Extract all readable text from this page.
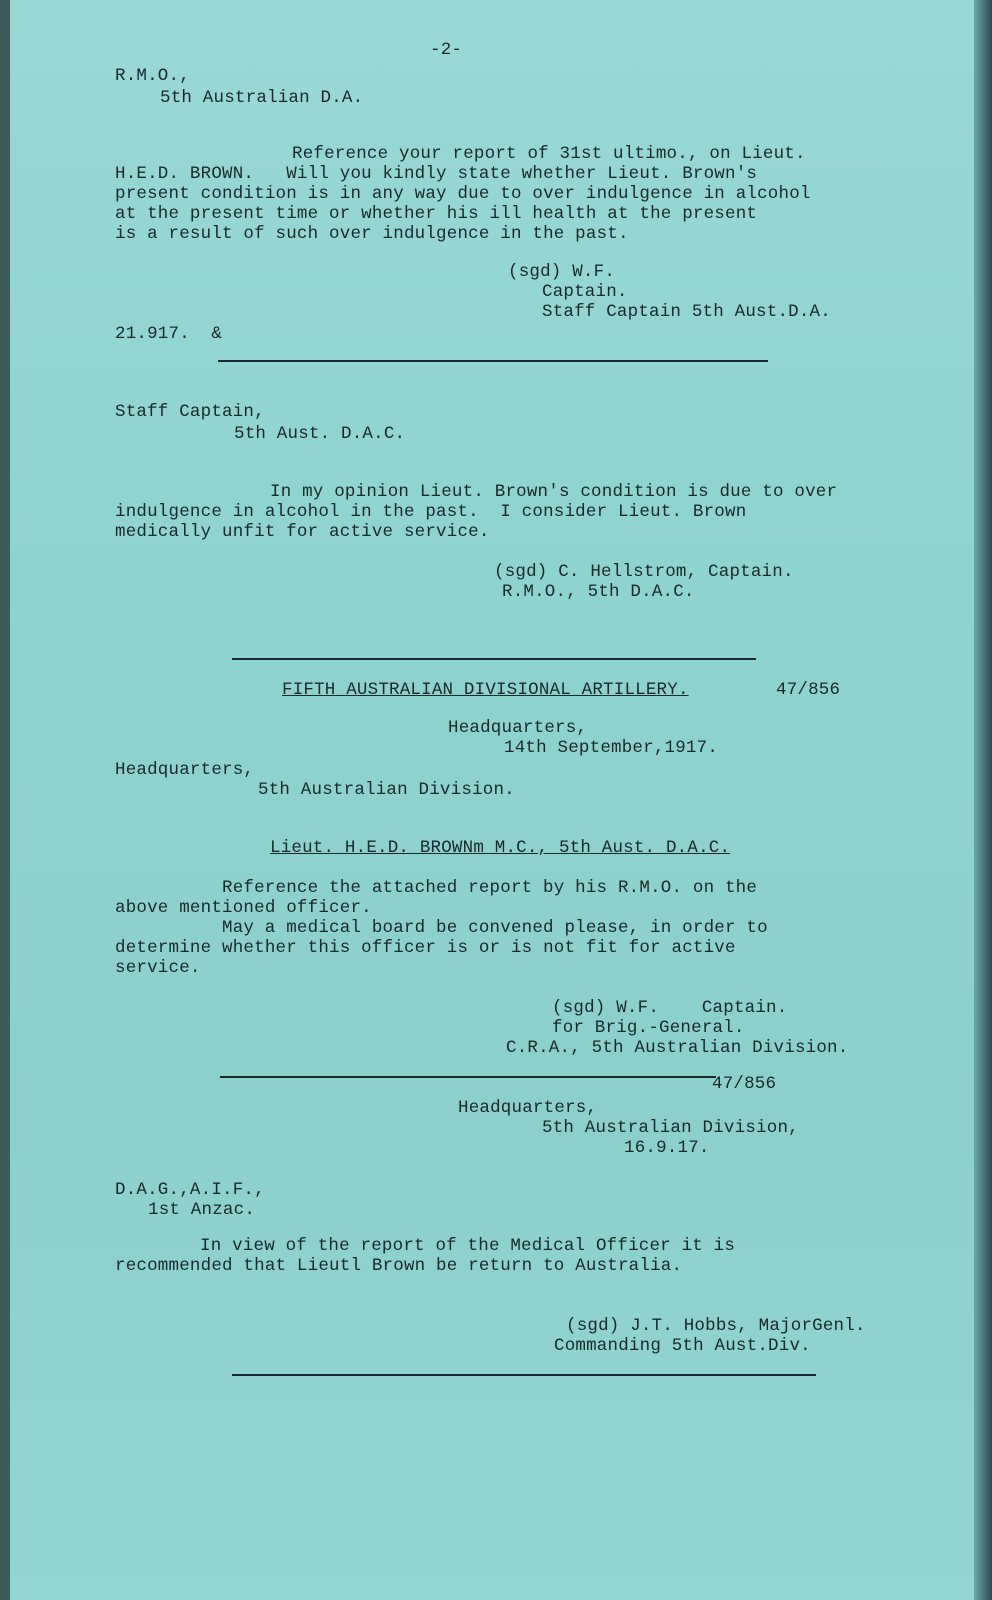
-2-
R.M.O.,
5th Australian D.A.
Reference your report of 31st ultimo., on Lieut.
H.E.D. BROWN.   Will you kindly state whether Lieut. Brown's
present condition is in any way due to over indulgence in alcohol
at the present time or whether his ill health at the present
is a result of such over indulgence in the past.
(sgd) W.F.
Captain.
Staff Captain 5th Aust.D.A.
21.917.  &
Staff Captain,
5th Aust. D.A.C.
In my opinion Lieut. Brown's condition is due to over
indulgence in alcohol in the past.  I consider Lieut. Brown
medically unfit for active service.
(sgd) C. Hellstrom, Captain.
R.M.O., 5th D.A.C.
FIFTH AUSTRALIAN DIVISIONAL ARTILLERY.	47/856
Headquarters,
14th September,1917.
Headquarters,
5th Australian Division.
Lieut. H.E.D. BROWNm M.C., 5th Aust. D.A.C.
Reference the attached report by his R.M.O. on the
above mentioned officer.
May a medical board be convened please, in order to
determine whether this officer is or is not fit for active
service.
(sgd) W.F.    Captain.
for Brig.-General.
C.R.A., 5th Australian Division.
47/856
Headquarters,
5th Australian Division,
16.9.17.
D.A.G.,A.I.F.,
1st Anzac.
In view of the report of the Medical Officer it is
recommended that Lieutl Brown be return to Australia.
(sgd) J.T. Hobbs, MajorGenl.
Commanding 5th Aust.Div.
